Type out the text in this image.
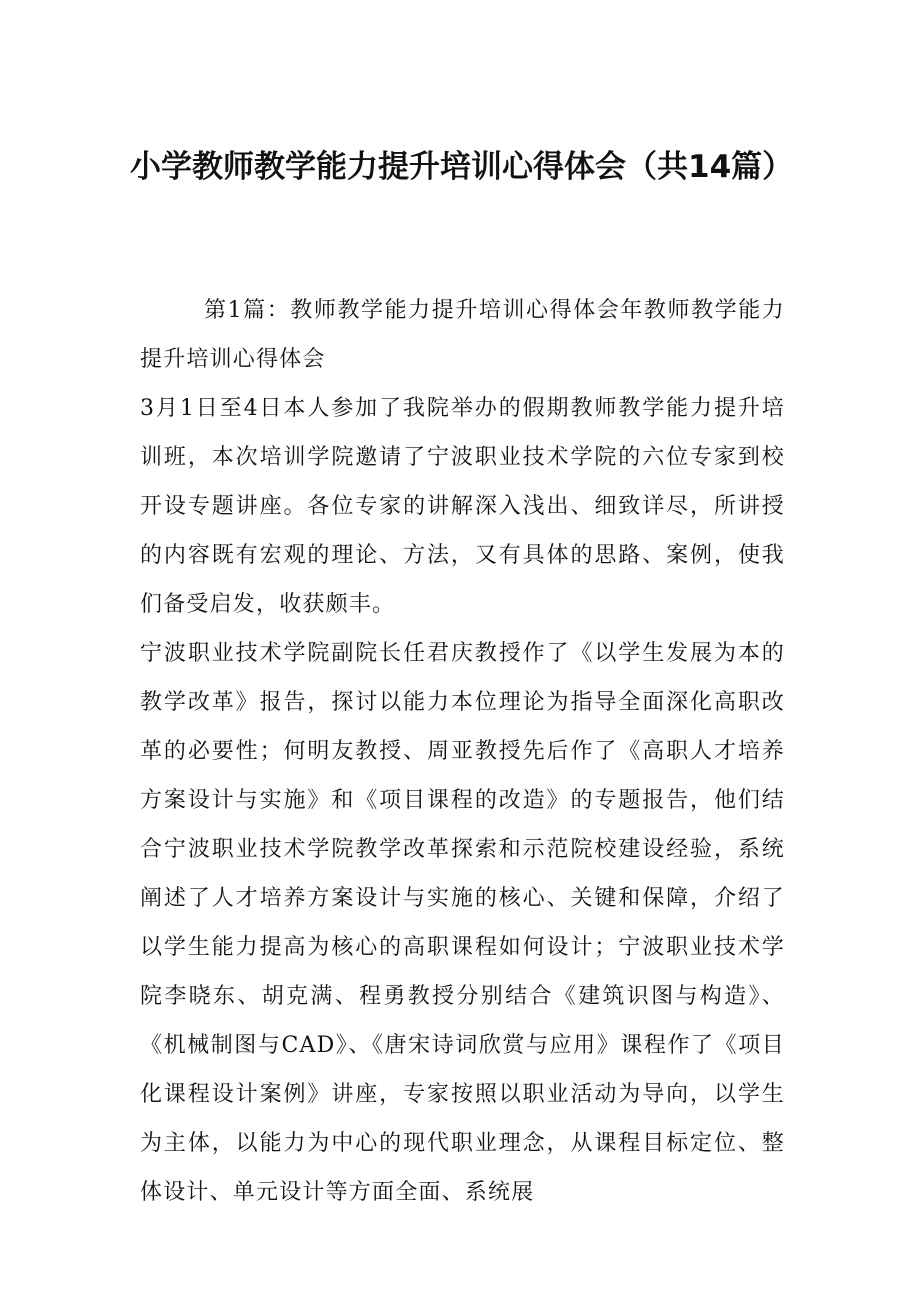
小学教师教学能力提升培训心得体会（共14篇）

第1篇：教师教学能力提升培训心得体会年教师教学能力提升培训心得体会

3月1日至4日本人参加了我院举办的假期教师教学能力提升培训班，本次培训学院邀请了宁波职业技术学院的六位专家到校开设专题讲座。各位专家的讲解深入浅出、细致详尽，所讲授的内容既有宏观的理论、方法，又有具体的思路、案例，使我们备受启发，收获颇丰。

宁波职业技术学院副院长任君庆教授作了《以学生发展为本的教学改革》报告，探讨以能力本位理论为指导全面深化高职改革的必要性；何明友教授、周亚教授先后作了《高职人才培养方案设计与实施》和《项目课程的改造》的专题报告，他们结合宁波职业技术学院教学改革探索和示范院校建设经验，系统阐述了人才培养方案设计与实施的核心、关键和保障，介绍了以学生能力提高为核心的高职课程如何设计；宁波职业技术学院李晓东、胡克满、程勇教授分别结合《建筑识图与构造》、《机械制图与CAD》、《唐宋诗词欣赏与应用》课程作了《项目化课程设计案例》讲座，专家按照以职业活动为导向，以学生为主体，以能力为中心的现代职业理念，从课程目标定位、整体设计、单元设计等方面全面、系统展
